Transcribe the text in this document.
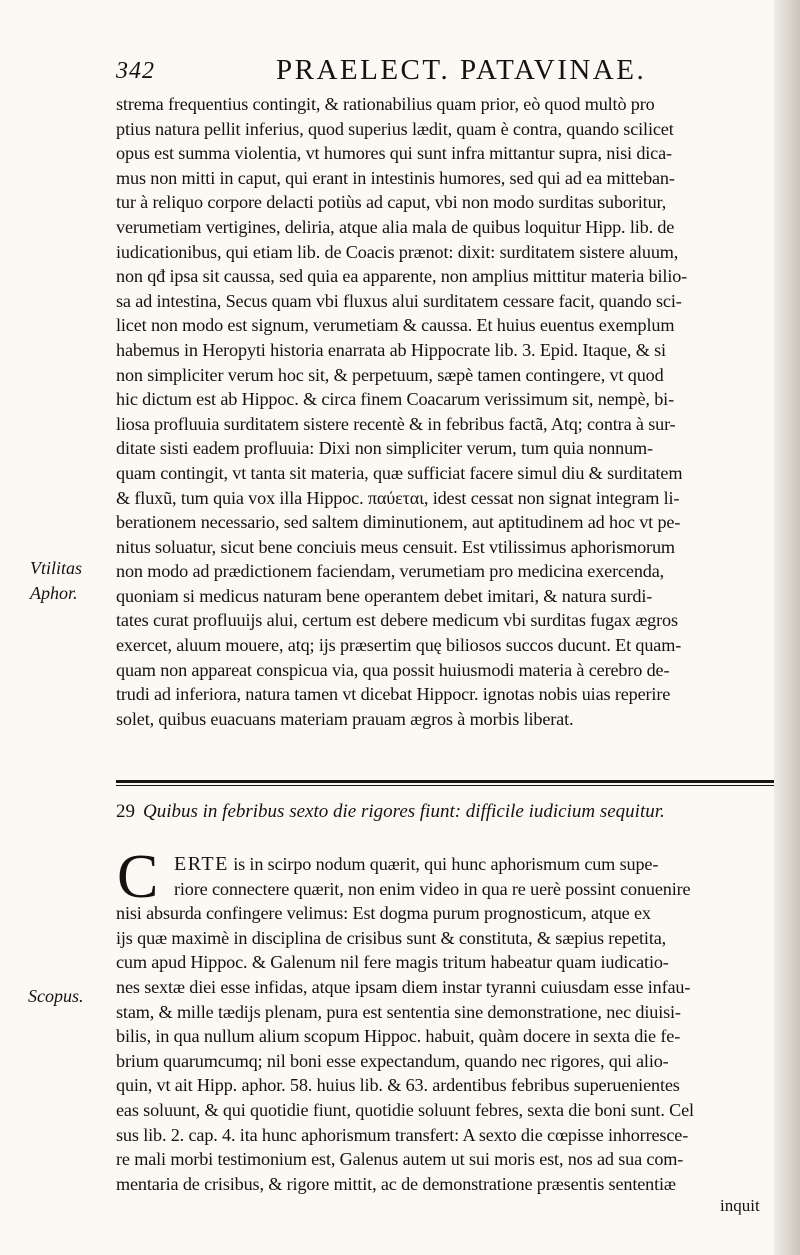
342	PRAELECT. PATAVINAE.
strema frequentius contingit, & rationabilius quam prior, eò quod multò pro
ptius natura pellit inferius, quod superius lædit, quam è contra, quando scilicet
opus est summa violentia, vt humores qui sunt infra mittantur supra, nisi dica-
mus non mitti in caput, qui erant in intestinis humores, sed qui ad ea mitteban-
tur à reliquo corpore delacti potiùs ad caput, vbi non modo surditas suboritur,
verumetiam vertigines, deliria, atque alia mala de quibus loquitur Hipp. lib. de
iudicationibus, qui etiam lib. de Coacis prænot: dixit: surditatem sistere aluum,
non qđ ipsa sit caussa, sed quia ea apparente, non amplius mittitur materia bilio-
sa ad intestina, Secus quam vbi fluxus alui surditatem cessare facit, quando sci-
licet non modo est signum, verumetiam & caussa. Et huius euentus exemplum
habemus in Heropyti historia enarrata ab Hippocrate lib. 3. Epid. Itaque, & si
non simpliciter verum hoc sit, & perpetuum, sæpè tamen contingere, vt quod
hic dictum est ab Hippoc. & circa finem Coacarum verissimum sit, nempè, bi-
liosa profluuia surditatem sistere recentè & in febribus factã, Atq; contra à sur-
ditate sisti eadem profluuia: Dixi non simpliciter verum, tum quia nonnum-
quam contingit, vt tanta sit materia, quæ sufficiat facere simul diu & surditatem
& fluxũ, tum quia vox illa Hippoc. παύεται, idest cessat non signat integram li-
berationem necessario, sed saltem diminutionem, aut aptitudinem ad hoc vt pe-
nitus soluatur, sicut bene conciuis meus censuit. Est vtilissimus aphorismorum
non modo ad prædictionem faciendam, verumetiam pro medicina exercenda,
quoniam si medicus naturam bene operantem debet imitari, & natura surdi-
tates curat profluuijs alui, certum est debere medicum vbi surditas fugax ægros
exercet, aluum mouere, atq; ijs præsertim quę biliosos succos ducunt. Et quam-
quam non appareat conspicua via, qua possit huiusmodi materia à cerebro de-
trudi ad inferiora, natura tamen vt dicebat Hippocr. ignotas nobis uias reperire
solet, quibus euacuans materiam prauam ægros à morbis liberat.
Vtilitas
Aphor.
29 Quibus in febribus sexto die rigores fiunt: difficile iudicium sequitur.
C ERTE is in scirpo nodum quærit, qui hunc aphorismum cum supe-
riore connectere quærit, non enim video in qua re uerè possint conuenire
nisi absurda confingere velimus: Est dogma purum prognosticum, atque ex
ijs quæ maximè in disciplina de crisibus sunt & constituta, & sæpius repetita,
cum apud Hippoc. & Galenum nil fere magis tritum habeatur quam iudicatio-
nes sextæ diei esse infidas, atque ipsam diem instar tyranni cuiusdam esse infau-
stam, & mille tædijs plenam, pura est sententia sine demonstratione, nec diuisi-
bilis, in qua nullum alium scopum Hippoc. habuit, quàm docere in sexta die fe-
brium quarumcumq; nil boni esse expectandum, quando nec rigores, qui alio-
quin, vt ait Hipp. aphor. 58. huius lib. & 63. ardentibus febribus superuenientes
eas soluunt, & qui quotidie fiunt, quotidie soluunt febres, sexta die boni sunt. Cel
sus lib. 2. cap. 4. ita hunc aphorismum transfert: A sexto die cœpisse inhorresce-
re mali morbi testimonium est, Galenus autem ut sui moris est, nos ad sua com-
mentaria de crisibus, & rigore mittit, ac de demonstratione præsentis sententiæ
Scopus.
inquit
